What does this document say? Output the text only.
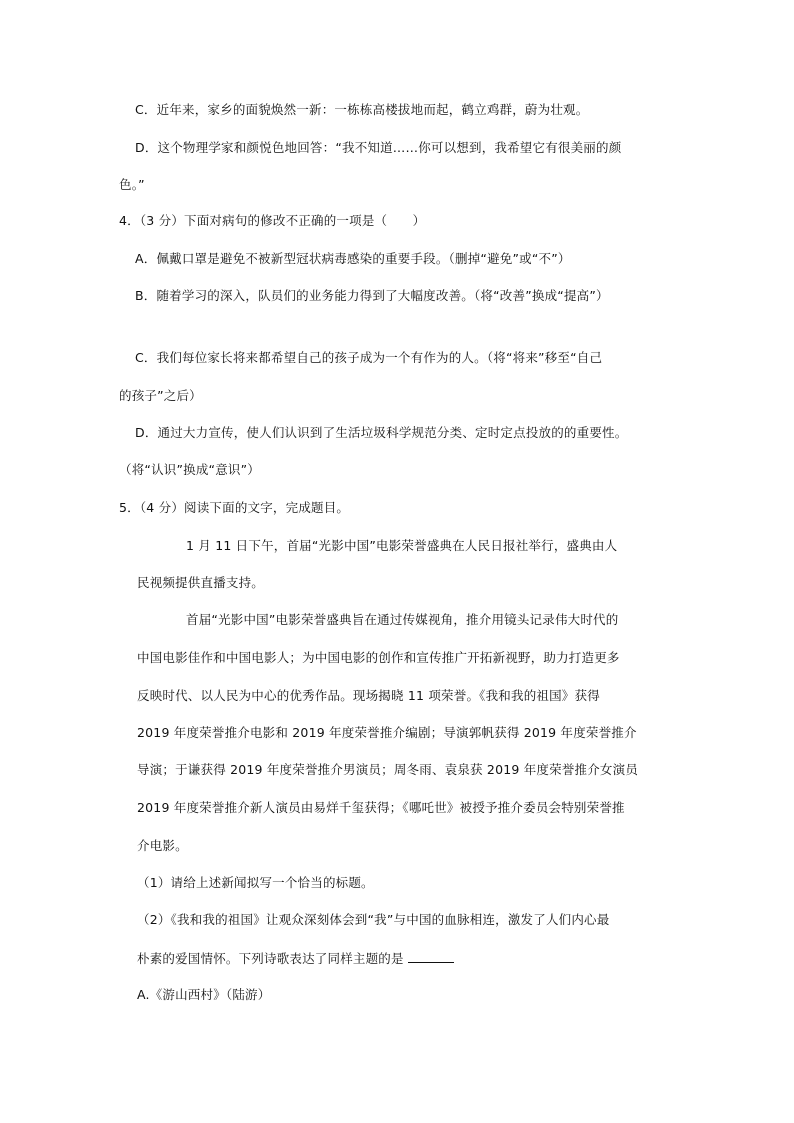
C．近年来，家乡的面貌焕然一新：一栋栋高楼拔地而起，鹤立鸡群，蔚为壮观。
D．这个物理学家和颜悦色地回答：“我不知道……你可以想到，我希望它有很美丽的颜
色。”
4．（3 分）下面对病句的修改不正确的一项是（　　）
A．佩戴口罩是避免不被新型冠状病毒感染的重要手段。（删掉“避免”或“不”）
B．随着学习的深入，队员们的业务能力得到了大幅度改善。（将“改善”换成“提高”）
C．我们每位家长将来都希望自己的孩子成为一个有作为的人。（将“将来”移至“自己
的孩子”之后）
D．通过大力宣传，使人们认识到了生活垃圾科学规范分类、定时定点投放的的重要性。
（将“认识”换成“意识”）
5．（4 分）阅读下面的文字，完成题目。
1 月 11 日下午，首届“光影中国”电影荣誉盛典在人民日报社举行，盛典由人
民视频提供直播支持。
首届“光影中国”电影荣誉盛典旨在通过传媒视角，推介用镜头记录伟大时代的
中国电影佳作和中国电影人；为中国电影的创作和宣传推广开拓新视野，助力打造更多
反映时代、以人民为中心的优秀作品。现场揭晓 11 项荣誉。《我和我的祖国》获得
2019 年度荣誉推介电影和 2019 年度荣誉推介编剧；导演郭帆获得 2019 年度荣誉推介
导演；于谦获得 2019 年度荣誉推介男演员；周冬雨、袁泉获 2019 年度荣誉推介女演员
2019 年度荣誉推介新人演员由易烊千玺获得；《哪吒世》被授予推介委员会特别荣誉推
介电影。
（1）请给上述新闻拟写一个恰当的标题。
（2）《我和我的祖国》让观众深刻体会到“我”与中国的血脉相连，激发了人们内心最
朴素的爱国情怀。下列诗歌表达了同样主题的是
A.《游山西村》（陆游）
